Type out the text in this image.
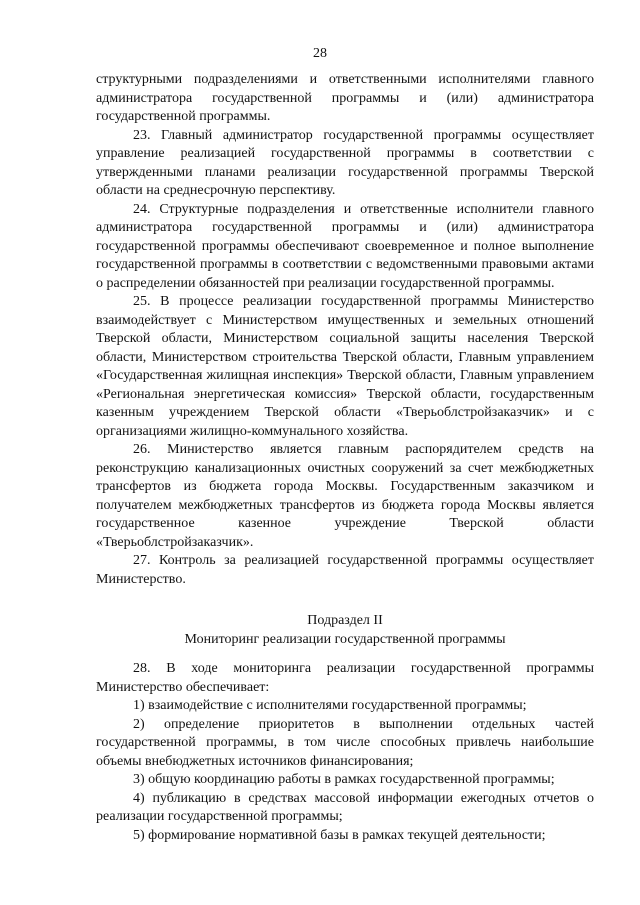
28

структурными подразделениями и ответственными исполнителями главного администратора государственной программы и (или) администратора государственной программы.

23. Главный администратор государственной программы осуществляет управление реализацией государственной программы в соответствии с утвержденными планами реализации государственной программы Тверской области на среднесрочную перспективу.

24. Структурные подразделения и ответственные исполнители главного администратора государственной программы и (или) администратора государственной программы обеспечивают своевременное и полное выполнение государственной программы в соответствии с ведомственными правовыми актами о распределении обязанностей при реализации государственной программы.

25. В процессе реализации государственной программы Министерство взаимодействует с Министерством имущественных и земельных отношений Тверской области, Министерством социальной защиты населения Тверской области, Министерством строительства Тверской области, Главным управлением «Государственная жилищная инспекция» Тверской области, Главным управлением «Региональная энергетическая комиссия» Тверской области, государственным казенным учреждением Тверской области «Тверьоблстройзаказчик» и с организациями жилищно-коммунального хозяйства.

26. Министерство является главным распорядителем средств на реконструкцию канализационных очистных сооружений за счет межбюджетных трансфертов из бюджета города Москвы. Государственным заказчиком и получателем межбюджетных трансфертов из бюджета города Москвы является государственное казенное учреждение Тверской области «Тверьоблстройзаказчик».

27. Контроль за реализацией государственной программы осуществляет Министерство.

Подраздел II
Мониторинг реализации государственной программы

28. В ходе мониторинга реализации государственной программы Министерство обеспечивает:

1) взаимодействие с исполнителями государственной программы;

2) определение приоритетов в выполнении отдельных частей государственной программы, в том числе способных привлечь наибольшие объемы внебюджетных источников финансирования;

3) общую координацию работы в рамках государственной программы;

4) публикацию в средствах массовой информации ежегодных отчетов о реализации государственной программы;

5) формирование нормативной базы в рамках текущей деятельности;
